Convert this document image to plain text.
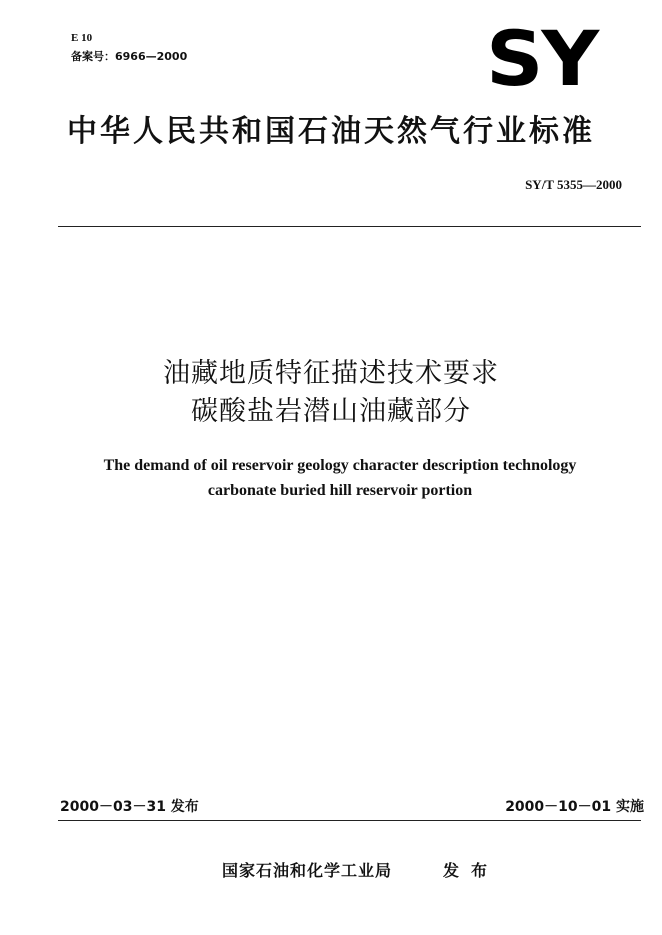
E 10
备案号：6966—2000	SY
中华人民共和国石油天然气行业标准
SY/T 5355—2000
油藏地质特征描述技术要求
碳酸盐岩潜山油藏部分
The demand of oil reservoir geology character description technology
carbonate buried hill reservoir portion
2000－03－31 发布	2000－10－01 实施
国家石油和化学工业局	发布
